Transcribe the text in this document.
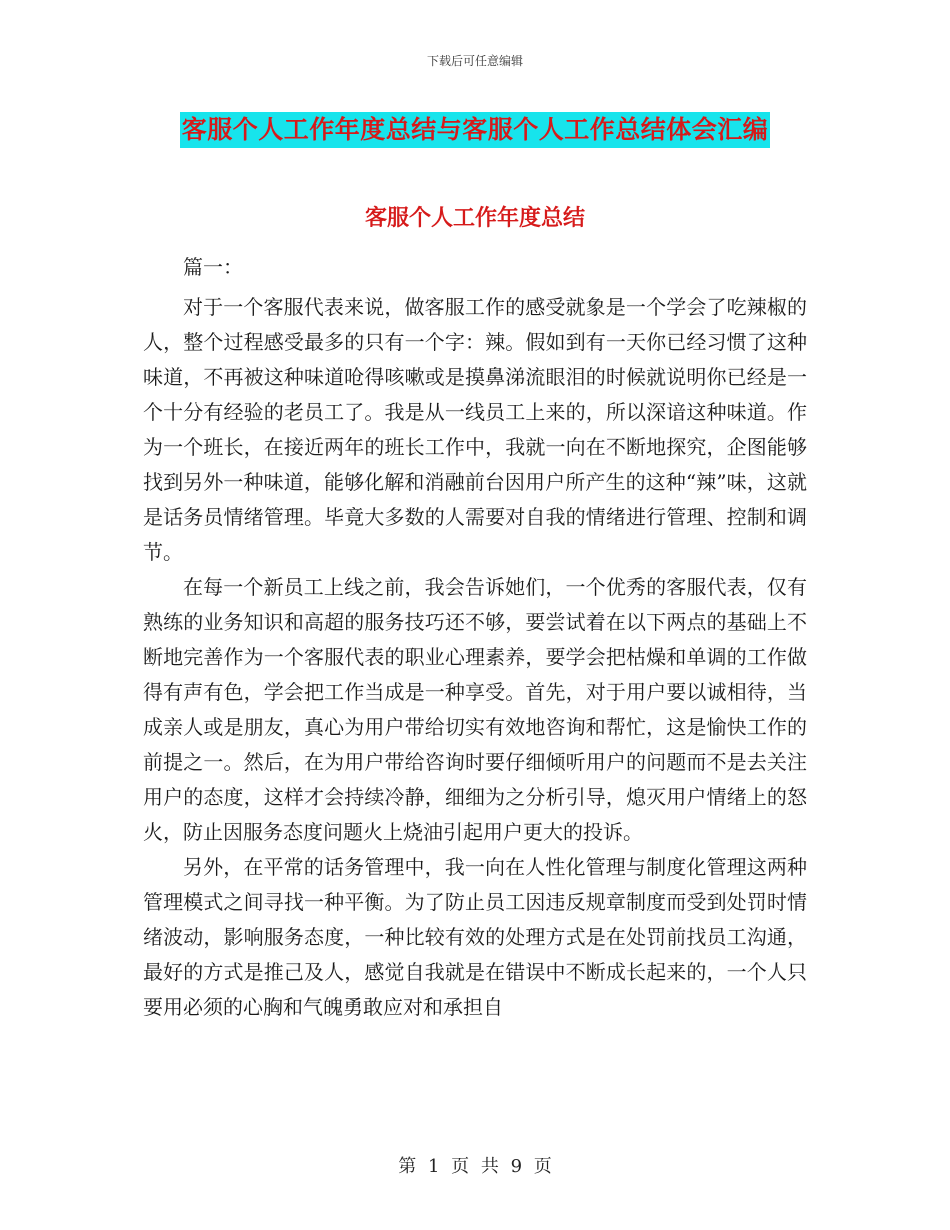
下载后可任意编辑
客服个人工作年度总结与客服个人工作总结体会汇编
客服个人工作年度总结

篇一：

对于一个客服代表来说，做客服工作的感受就象是一个学会了吃辣椒的人，整个过程感受最多的只有一个字：辣。假如到有一天你已经习惯了这种味道，不再被这种味道呛得咳嗽或是摸鼻涕流眼泪的时候就说明你已经是一个十分有经验的老员工了。我是从一线员工上来的，所以深谙这种味道。作为一个班长，在接近两年的班长工作中，我就一向在不断地探究，企图能够找到另外一种味道，能够化解和消融前台因用户所产生的这种“辣”味，这就是话务员情绪管理。毕竟大多数的人需要对自我的情绪进行管理、控制和调节。

在每一个新员工上线之前，我会告诉她们，一个优秀的客服代表，仅有熟练的业务知识和高超的服务技巧还不够，要尝试着在以下两点的基础上不断地完善作为一个客服代表的职业心理素养，要学会把枯燥和单调的工作做得有声有色，学会把工作当成是一种享受。首先，对于用户要以诚相待，当成亲人或是朋友，真心为用户带给切实有效地咨询和帮忙，这是愉快工作的前提之一。然后，在为用户带给咨询时要仔细倾听用户的问题而不是去关注用户的态度，这样才会持续冷静，细细为之分析引导，熄灭用户情绪上的怒火，防止因服务态度问题火上烧油引起用户更大的投诉。

另外，在平常的话务管理中，我一向在人性化管理与制度化管理这两种管理模式之间寻找一种平衡。为了防止员工因违反规章制度而受到处罚时情绪波动，影响服务态度，一种比较有效的处理方式是在处罚前找员工沟通，最好的方式是推己及人，感觉自我就是在错误中不断成长起来的，一个人只要用必须的心胸和气魄勇敢应对和承担自

第 1 页 共 9 页
